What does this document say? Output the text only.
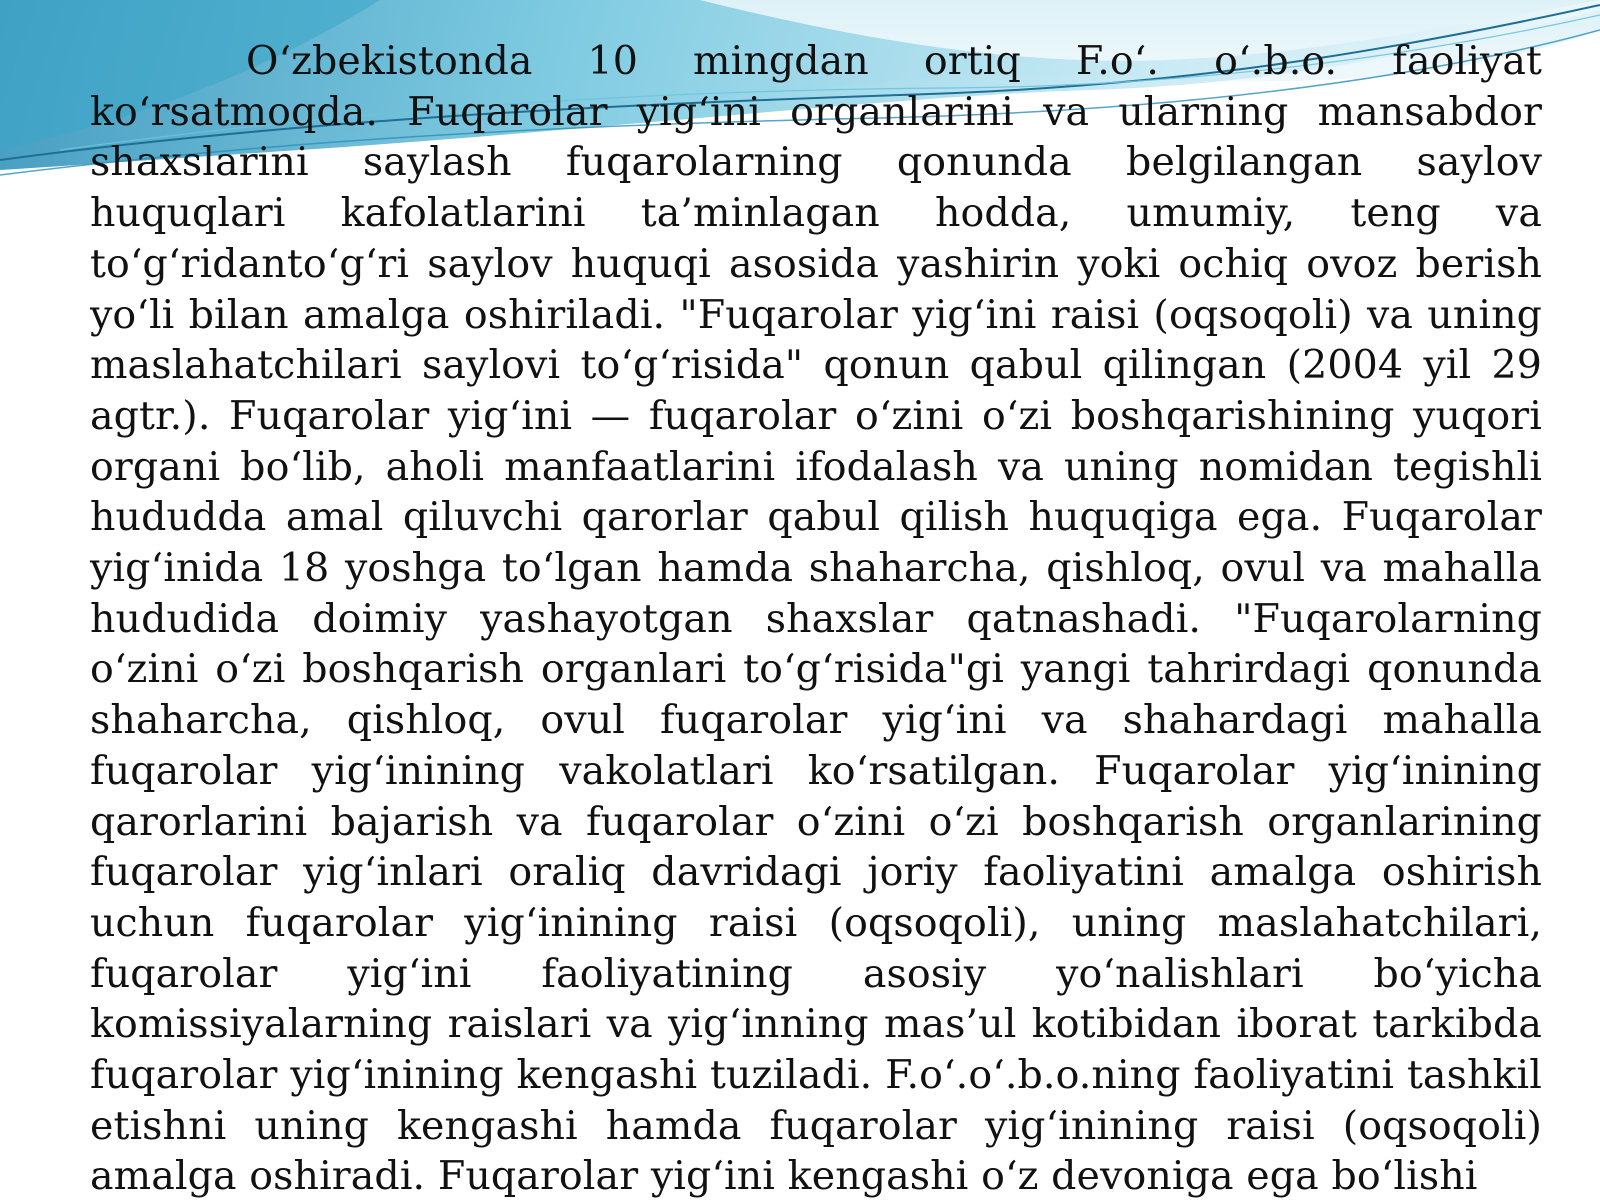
O‘zbekistonda 10 mingdan ortiq F.o‘. o‘.b.o. faoliyat ko‘rsatmoqda. Fuqarolar yig‘ini organlarini va ularning mansabdor shaxslarini saylash fuqarolarning qonunda belgilangan saylov huquqlari kafolatlarini ta’minlagan hodda, umumiy, teng va to‘g‘ridanto‘g‘ri saylov huquqi asosida yashirin yoki ochiq ovoz berish yo‘li bilan amalga oshiriladi. "Fuqarolar yig‘ini raisi (oqsoqoli) va uning maslahatchilari saylovi to‘g‘risida" qonun qabul qilingan (2004 yil 29 agtr.). Fuqarolar yig‘ini — fuqarolar o‘zini o‘zi boshqarishining yuqori organi bo‘lib, aholi manfaatlarini ifodalash va uning nomidan tegishli hududda amal qiluvchi qarorlar qabul qilish huquqiga ega. Fuqarolar yig‘inida 18 yoshga to‘lgan hamda shaharcha, qishloq, ovul va mahalla hududida doimiy yashayotgan shaxslar qatnashadi. "Fuqarolarning o‘zini o‘zi boshqarish organlari to‘g‘risida"gi yangi tahrirdagi qonunda shaharcha, qishloq, ovul fuqarolar yig‘ini va shahardagi mahalla fuqarolar yig‘inining vakolatlari ko‘rsatilgan. Fuqarolar yig‘inining qarorlarini bajarish va fuqarolar o‘zini o‘zi boshqarish organlarining fuqarolar yig‘inlari oraliq davridagi joriy faoliyatini amalga oshirish uchun fuqarolar yig‘inining raisi (oqsoqoli), uning maslahatchilari, fuqarolar yig‘ini faoliyatining asosiy yo‘nalishlari bo‘yicha komissiyalarning raislari va yig‘inning mas’ul kotibidan iborat tarkibda fuqarolar yig‘inining kengashi tuziladi. F.o‘.o‘.b.o.ning faoliyatini tashkil etishni uning kengashi hamda fuqarolar yig‘inining raisi (oqsoqoli) amalga oshiradi. Fuqarolar yig‘ini kengashi o‘z devoniga ega bo‘lishi
